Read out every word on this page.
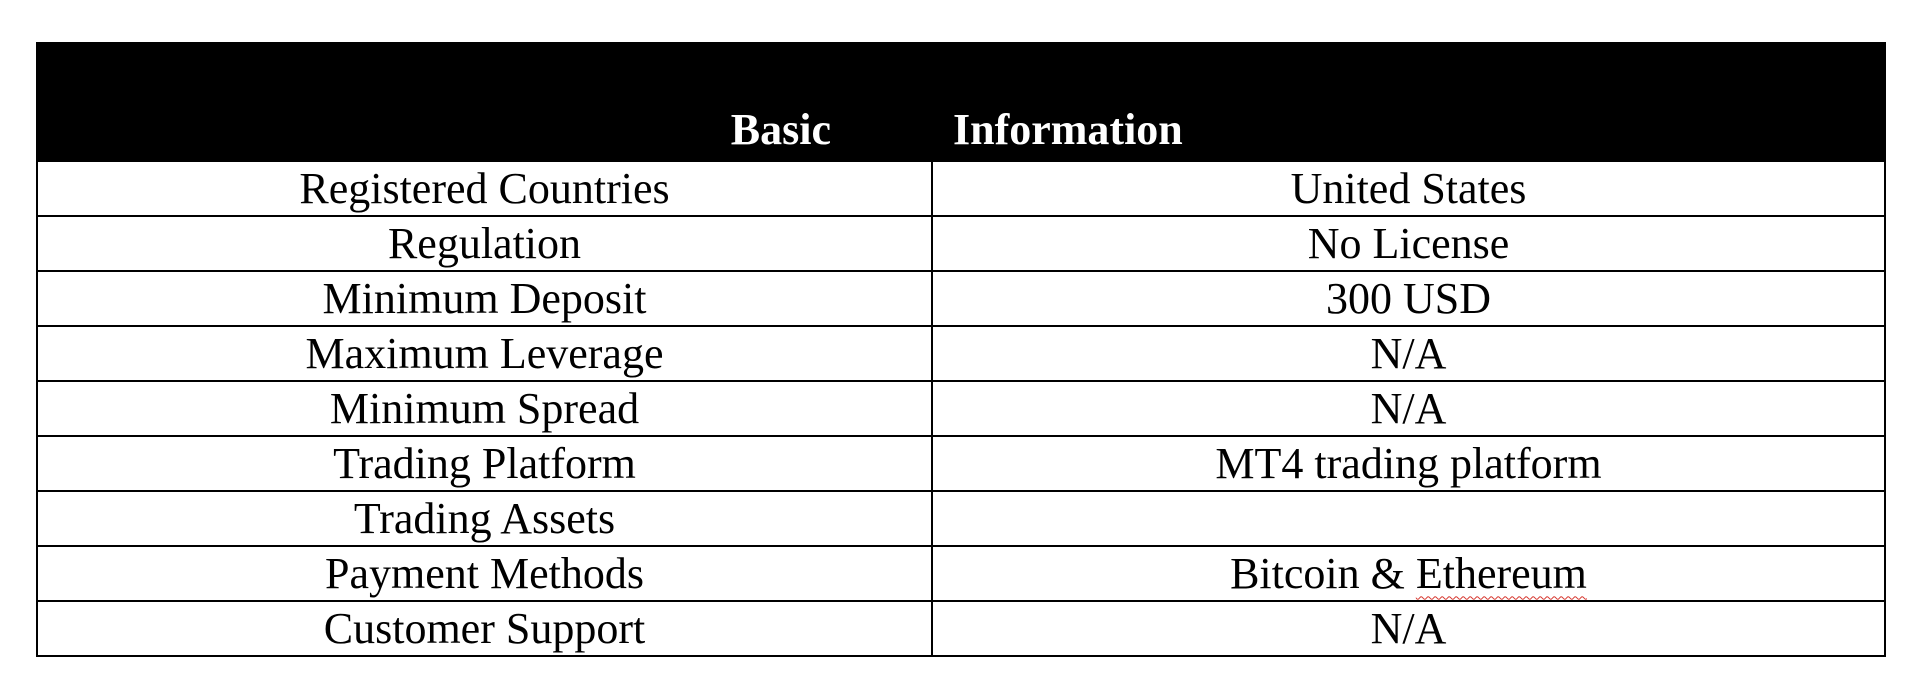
Basic	Information
Registered Countries	United States
Regulation	No License
Minimum Deposit	300 USD
Maximum Leverage	N/A
Minimum Spread	N/A
Trading Platform	MT4 trading platform
Trading Assets	
Payment Methods	Bitcoin & Ethereum
Customer Support	N/A
